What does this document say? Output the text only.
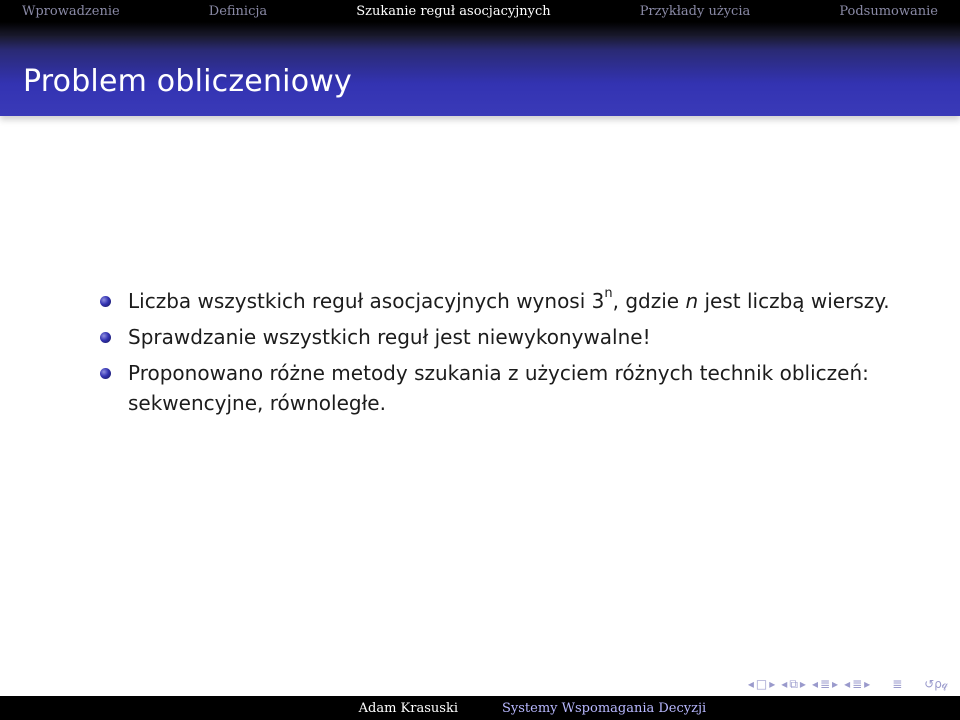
Wprowadzenie	Definicja	Szukanie reguł asocjacyjnych	Przykłady użycia	Podsumowanie
Problem obliczeniowy
Liczba wszystkich reguł asocjacyjnych wynosi 3$^n$, gdzie n jest liczbą wierszy.
Sprawdzanie wszystkich reguł jest niewykonywalne!
Proponowano różne metody szukania z użyciem różnych technik obliczeń: sekwencyjne, równoległe.
◂ □ ▸ ◂ ⧉ ▸ ◂ ≣ ▸ ◂ ≣ ▸ ≣ ↺ρ𝓆
Adam Krasuski	Systemy Wspomagania Decyzji
